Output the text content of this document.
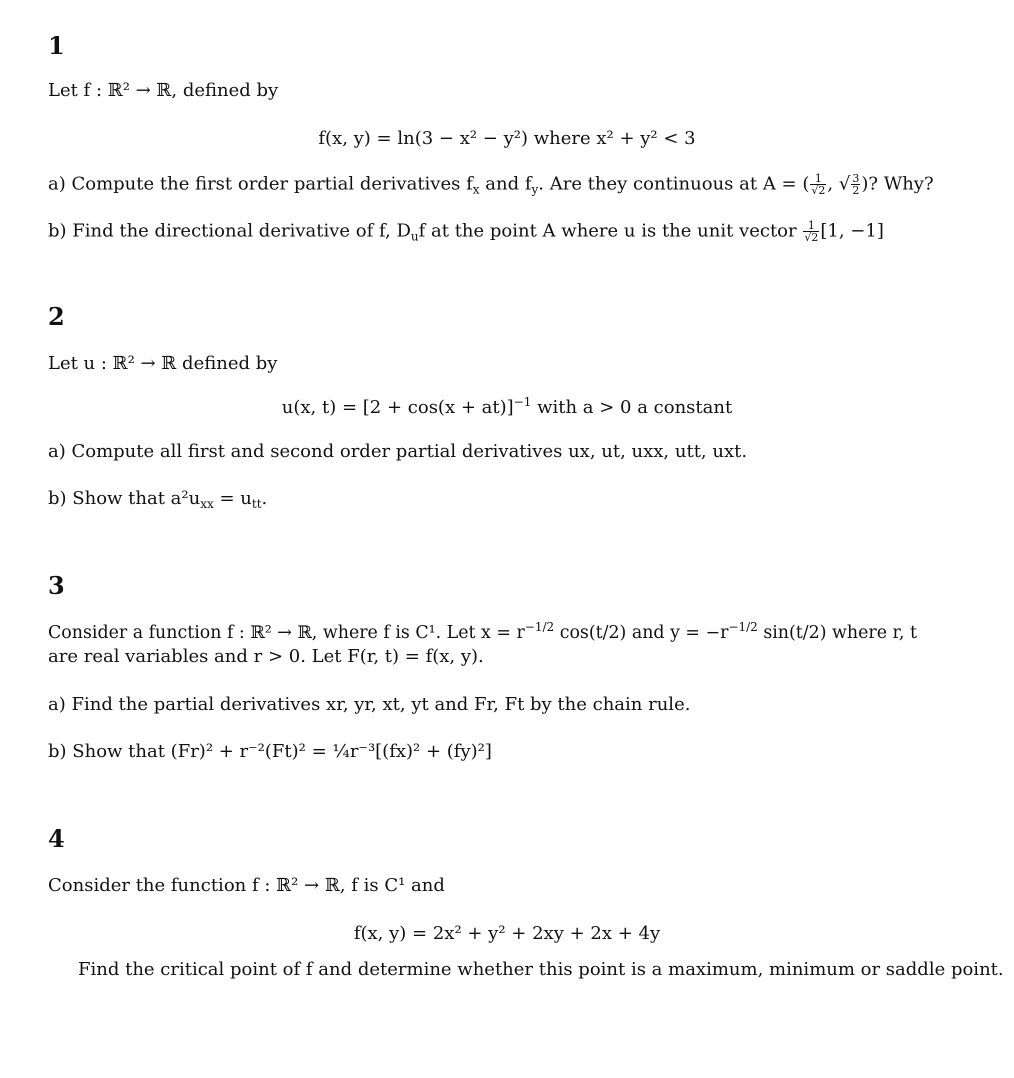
1
Let f : ℝ² → ℝ, defined by
f(x, y) = ln(3 − x² − y²) where x² + y² < 3
a) Compute the first order partial derivatives $f_x$ and $f_y$. Are they continuous at A = ( $\frac{1}{√2}$ , √ $\frac{3}{2}$ )? Why?
b) Find the directional derivative of f, $D_uf$ at the point A where u is the unit vector $\frac{1}{√2} [1$, −1]
2
Let u : ℝ² → ℝ defined by
u(x, $t) = [2 + \cos(x + at)]^{-1}$ with a > 0 a constant
a) Compute all first and second order partial derivatives ux, ut, uxx, utt, uxt.
b) Show that $a^2u_{xx} = u_{tt}$.
3
Consider a function f : ℝ² → ℝ, where f is C¹. Let $x = r^{-1/2}$ cos(t/2) and $y = -r^{-1/2}$ sin(t/2) where r, t
are real variables and r > 0. Let F(r, t) = f(x, y).
a) Find the partial derivatives xr, yr, xt, yt and Fr, Ft by the chain rule.
b) Show that (Fr)² + r⁻²(Ft)² = ¼r⁻³[(fx)² + (fy)²]
4
Consider the function f : ℝ² → ℝ, f is C¹ and
f(x, y) = 2x² + y² + 2xy + 2x + 4y
Find the critical point of f and determine whether this point is a maximum, minimum or saddle point.
